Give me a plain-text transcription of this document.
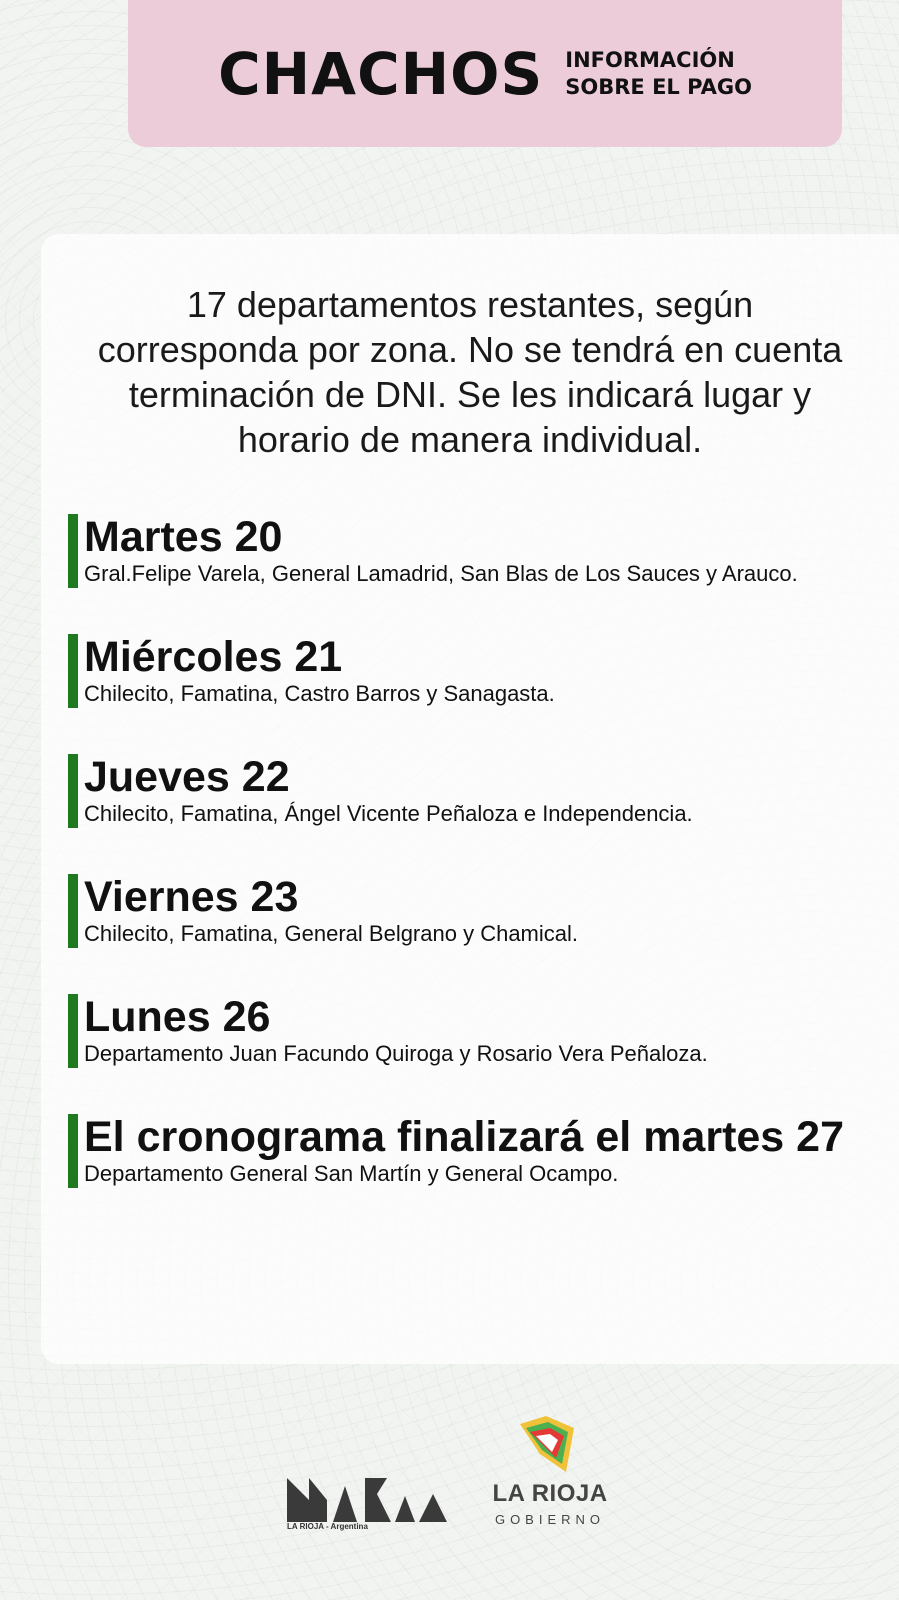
CHACHOS INFORMACIÓN
SOBRE EL PAGO
17 departamentos restantes, según
corresponda por zona. No se tendrá en cuenta
terminación de DNI. Se les indicará lugar y
horario de manera individual.
Martes 20
Gral.Felipe Varela, General Lamadrid, San Blas de Los Sauces y Arauco.
Miércoles 21
Chilecito, Famatina, Castro Barros y Sanagasta.
Jueves 22
Chilecito, Famatina, Ángel Vicente Peñaloza e Independencia.
Viernes 23
Chilecito, Famatina, General Belgrano y Chamical.
Lunes 26
Departamento Juan Facundo Quiroga y Rosario Vera Peñaloza.
El cronograma finalizará el martes 27
Departamento General San Martín y General Ocampo.
LA RIOJA - Argentina
LA RIOJA
GOBIERNO
